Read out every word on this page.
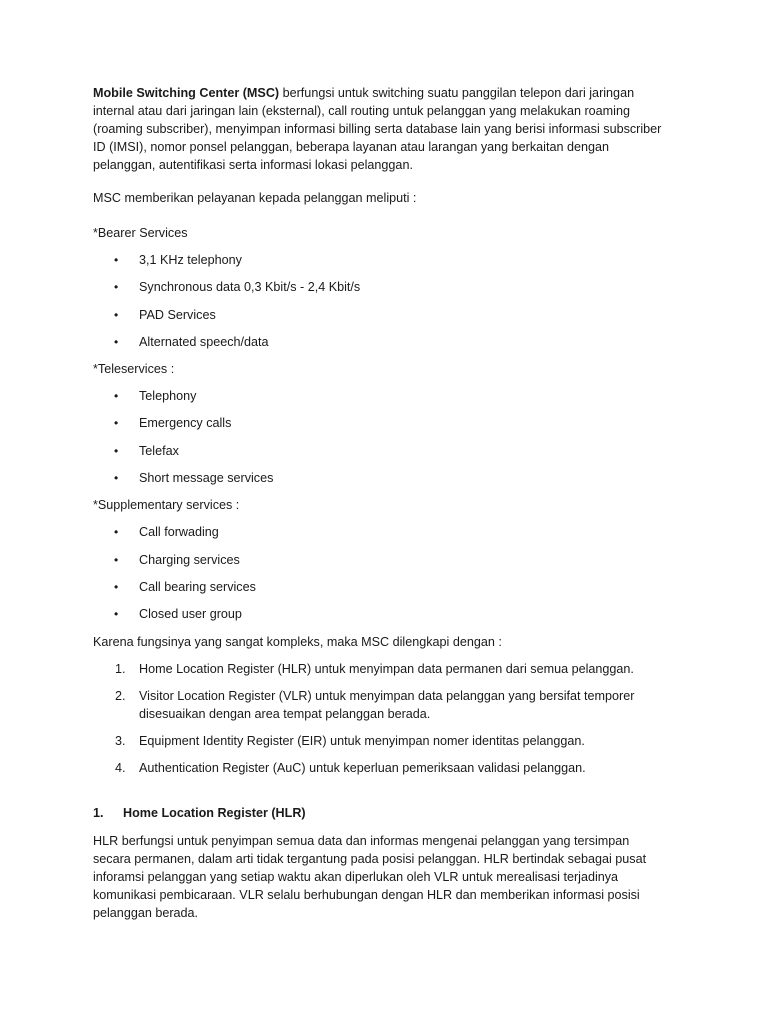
Mobile Switching Center (MSC) berfungsi untuk switching suatu panggilan telepon dari jaringan internal atau dari jaringan lain (eksternal), call routing untuk pelanggan yang melakukan roaming (roaming subscriber), menyimpan informasi billing serta database lain yang berisi informasi subscriber ID (IMSI), nomor ponsel pelanggan, beberapa layanan atau larangan yang berkaitan dengan pelanggan, autentifikasi serta informasi lokasi pelanggan.

MSC memberikan pelayanan kepada pelanggan meliputi :

*Bearer Services

• 3,1 KHz telephony
• Synchronous data 0,3 Kbit/s - 2,4 Kbit/s
• PAD Services
• Alternated speech/data

*Teleservices :

• Telephony
• Emergency calls
• Telefax
• Short message services

*Supplementary services :

• Call forwading
• Charging services
• Call bearing services
• Closed user group

Karena fungsinya yang sangat kompleks, maka MSC dilengkapi dengan :

1. Home Location Register (HLR) untuk menyimpan data permanen dari semua pelanggan.
2. Visitor Location Register (VLR) untuk menyimpan data pelanggan yang bersifat temporer disesuaikan dengan area tempat pelanggan berada.
3. Equipment Identity Register (EIR) untuk menyimpan nomer identitas pelanggan.
4. Authentication Register (AuC) untuk keperluan pemeriksaan validasi pelanggan.

1. Home Location Register (HLR)

HLR berfungsi untuk penyimpan semua data dan informas mengenai pelanggan yang tersimpan secara permanen, dalam arti tidak tergantung pada posisi pelanggan. HLR bertindak sebagai pusat inforamsi pelanggan yang setiap waktu akan diperlukan oleh VLR untuk merealisasi terjadinya komunikasi pembicaraan. VLR selalu berhubungan dengan HLR dan memberikan informasi posisi pelanggan berada.
